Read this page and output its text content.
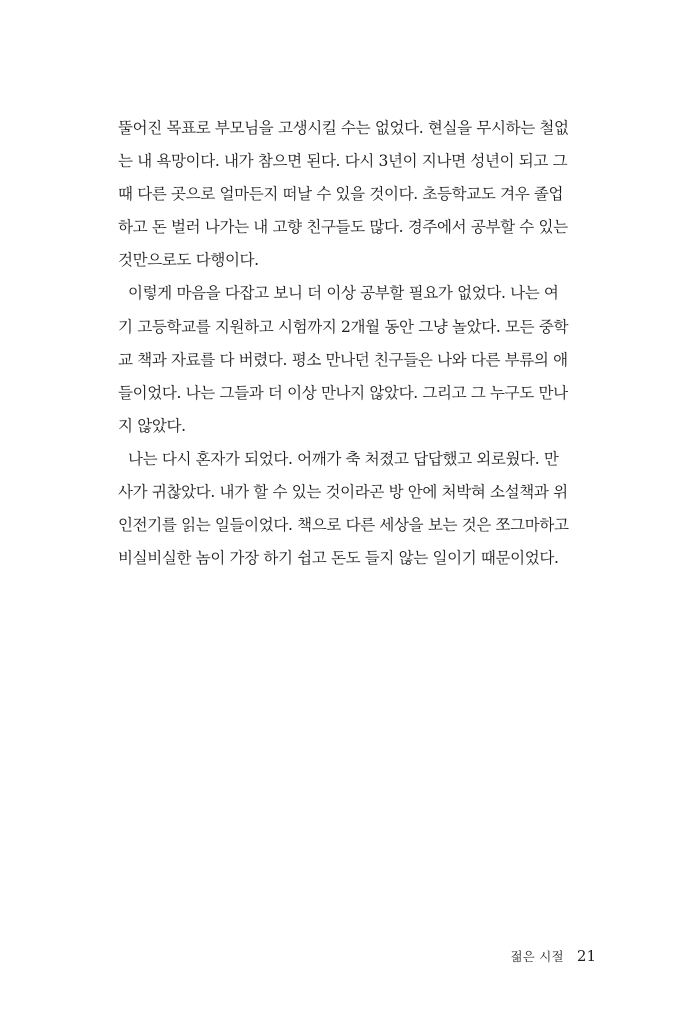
뚤어진 목표로 부모님을 고생시킬 수는 없었다. 현실을 무시하는 철없
는 내 욕망이다. 내가 참으면 된다. 다시 3년이 지나면 성년이 되고 그
때 다른 곳으로 얼마든지 떠날 수 있을 것이다. 초등학교도 겨우 졸업
하고 돈 벌러 나가는 내 고향 친구들도 많다. 경주에서 공부할 수 있는
것만으로도 다행이다.
이렇게 마음을 다잡고 보니 더 이상 공부할 필요가 없었다. 나는 여
기 고등학교를 지원하고 시험까지 2개월 동안 그냥 놀았다. 모든 중학
교 책과 자료를 다 버렸다. 평소 만나던 친구들은 나와 다른 부류의 애
들이었다. 나는 그들과 더 이상 만나지 않았다. 그리고 그 누구도 만나
지 않았다.
나는 다시 혼자가 되었다. 어깨가 축 처졌고 답답했고 외로웠다. 만
사가 귀찮았다. 내가 할 수 있는 것이라곤 방 안에 처박혀 소설책과 위
인전기를 읽는 일들이었다. 책으로 다른 세상을 보는 것은 쪼그마하고
비실비실한 놈이 가장 하기 쉽고 돈도 들지 않는 일이기 때문이었다.
젊은 시절 21
